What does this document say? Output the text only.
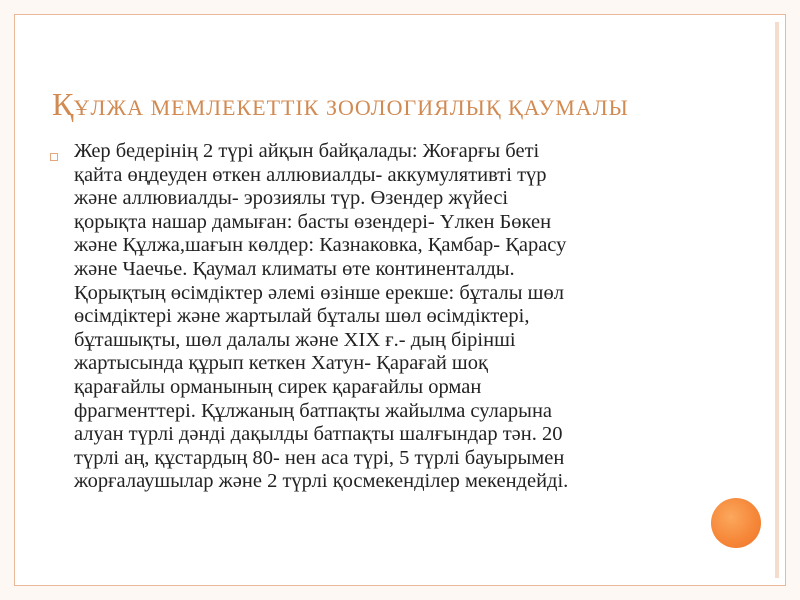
ҚҰЛЖА МЕМЛЕКЕТТІК ЗООЛОГИЯЛЫҚ ҚАУМАЛЫ

Жер бедерінің 2 түрі айқын байқалады: Жоғарғы беті
қайта өңдеуден өткен аллювиалды- аккумулятивті түр
және аллювиалды- эрозиялы түр. Өзендер жүйесі
қорықта нашар дамыған: басты өзендері- Үлкен Бөкен
және Құлжа,шағын көлдер: Казнаковка, Қамбар- Қарасу
және Чаечье. Қаумал климаты өте континенталды.
Қорықтың өсімдіктер әлемі өзінше ерекше: бұталы шөл
өсімдіктері және жартылай бұталы шөл өсімдіктері,
бұташықты, шөл далалы және XIX ғ.- дың бірінші
жартысында құрып кеткен Хатун- Қарағай шоқ
қарағайлы орманының сирек қарағайлы орман
фрагменттері. Құлжаның батпақты жайылма суларына
алуан түрлі дәнді дақылды батпақты шалғындар тән. 20
түрлі аң, құстардың 80- нен аса түрі, 5 түрлі бауырымен
жорғалаушылар және 2 түрлі қосмекенділер мекендейді.
